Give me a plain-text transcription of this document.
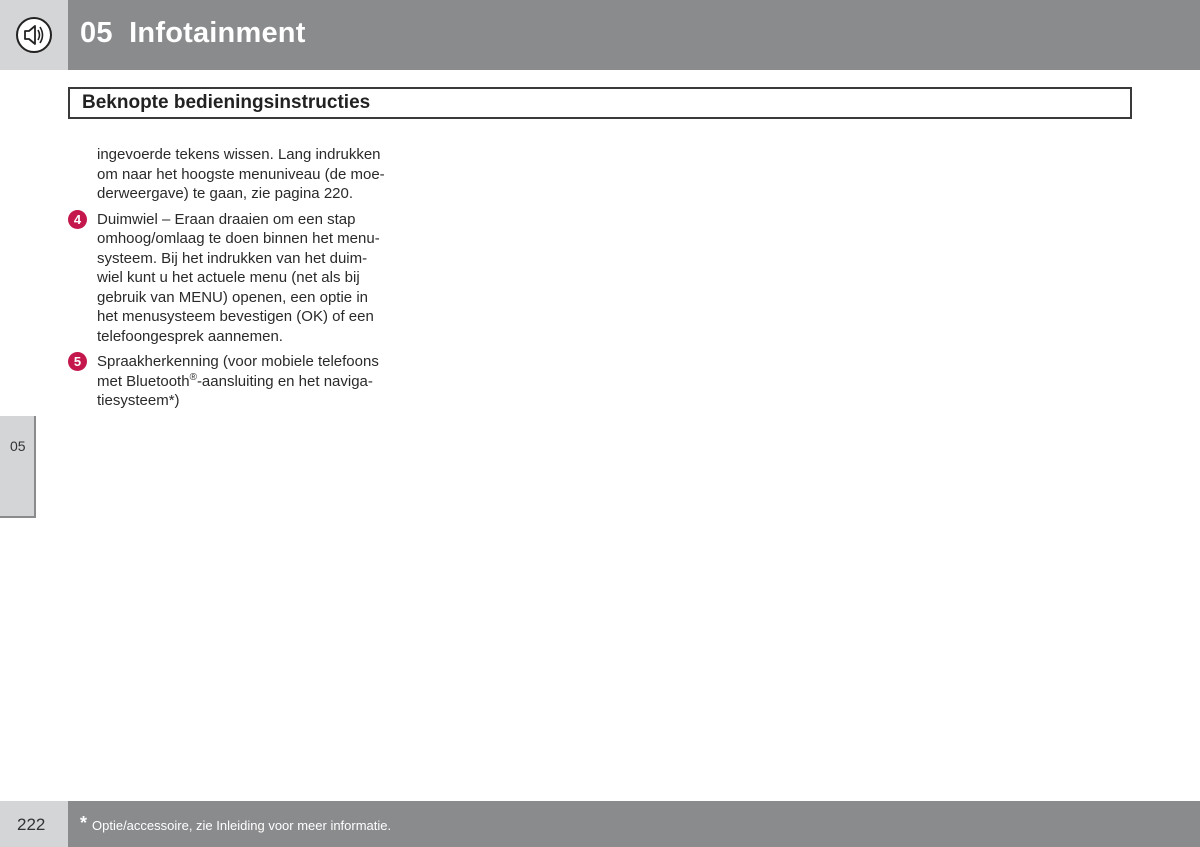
05  Infotainment
Beknopte bedieningsinstructies
05

ingevoerde tekens wissen. Lang indrukken
om naar het hoogste menuniveau (de moe-
derweergave) te gaan, zie pagina 220.

4	Duimwiel – Eraan draaien om een stap
omhoog/omlaag te doen binnen het menu-
systeem. Bij het indrukken van het duim-
wiel kunt u het actuele menu (net als bij
gebruik van MENU) openen, een optie in
het menusysteem bevestigen (OK) of een
telefoongesprek aannemen.

5	Spraakherkenning (voor mobiele telefoons
met Bluetooth®-aansluiting en het naviga-
tiesysteem*)

222 * Optie/accessoire, zie Inleiding voor meer informatie.
